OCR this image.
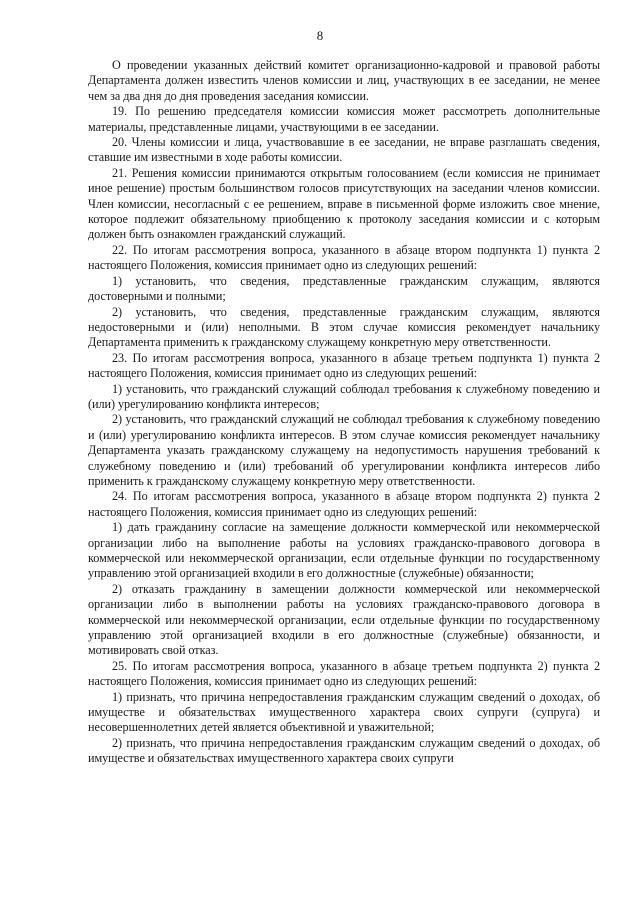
8

О проведении указанных действий комитет организационно-кадровой и правовой работы Департамента должен известить членов комиссии и лиц, участвующих в ее заседании, не менее чем за два дня до дня проведения заседания комиссии.

19. По решению председателя комиссии комиссия может рассмотреть дополнительные материалы, представленные лицами, участвующими в ее заседании.

20. Члены комиссии и лица, участвовавшие в ее заседании, не вправе разглашать сведения, ставшие им известными в ходе работы комиссии.

21. Решения комиссии принимаются открытым голосованием (если комиссия не принимает иное решение) простым большинством голосов присутствующих на заседании членов комиссии. Член комиссии, несогласный с ее решением, вправе в письменной форме изложить свое мнение, которое подлежит обязательному приобщению к протоколу заседания комиссии и с которым должен быть ознакомлен гражданский служащий.

22. По итогам рассмотрения вопроса, указанного в абзаце втором подпункта 1) пункта 2 настоящего Положения, комиссия принимает одно из следующих решений:

1) установить, что сведения, представленные гражданским служащим, являются достоверными и полными;

2) установить, что сведения, представленные гражданским служащим, являются недостоверными и (или) неполными. В этом случае комиссия рекомендует начальнику Департамента применить к гражданскому служащему конкретную меру ответственности.

23. По итогам рассмотрения вопроса, указанного в абзаце третьем подпункта 1) пункта 2 настоящего Положения, комиссия принимает одно из следующих решений:

1) установить, что гражданский служащий соблюдал требования к служебному поведению и (или) урегулированию конфликта интересов;

2) установить, что гражданский служащий не соблюдал требования к служебному поведению и (или) урегулированию конфликта интересов. В этом случае комиссия рекомендует начальнику Департамента указать гражданскому служащему на недопустимость нарушения требований к служебному поведению и (или) требований об урегулировании конфликта интересов либо применить к гражданскому служащему конкретную меру ответственности.

24. По итогам рассмотрения вопроса, указанного в абзаце втором подпункта 2) пункта 2 настоящего Положения, комиссия принимает одно из следующих решений:

1) дать гражданину согласие на замещение должности коммерческой или некоммерческой организации либо на выполнение работы на условиях гражданско-правового договора в коммерческой или некоммерческой организации, если отдельные функции по государственному управлению этой организацией входили в его должностные (служебные) обязанности;

2) отказать гражданину в замещении должности коммерческой или некоммерческой организации либо в выполнении работы на условиях гражданско-правового договора в коммерческой или некоммерческой организации, если отдельные функции по государственному управлению этой организацией входили в его должностные (служебные) обязанности, и мотивировать свой отказ.

25. По итогам рассмотрения вопроса, указанного в абзаце третьем подпункта 2) пункта 2 настоящего Положения, комиссия принимает одно из следующих решений:

1) признать, что причина непредоставления гражданским служащим сведений о доходах, об имуществе и обязательствах имущественного характера своих супруги (супруга) и несовершеннолетних детей является объективной и уважительной;

2) признать, что причина непредоставления гражданским служащим сведений о доходах, об имуществе и обязательствах имущественного характера своих супруги
